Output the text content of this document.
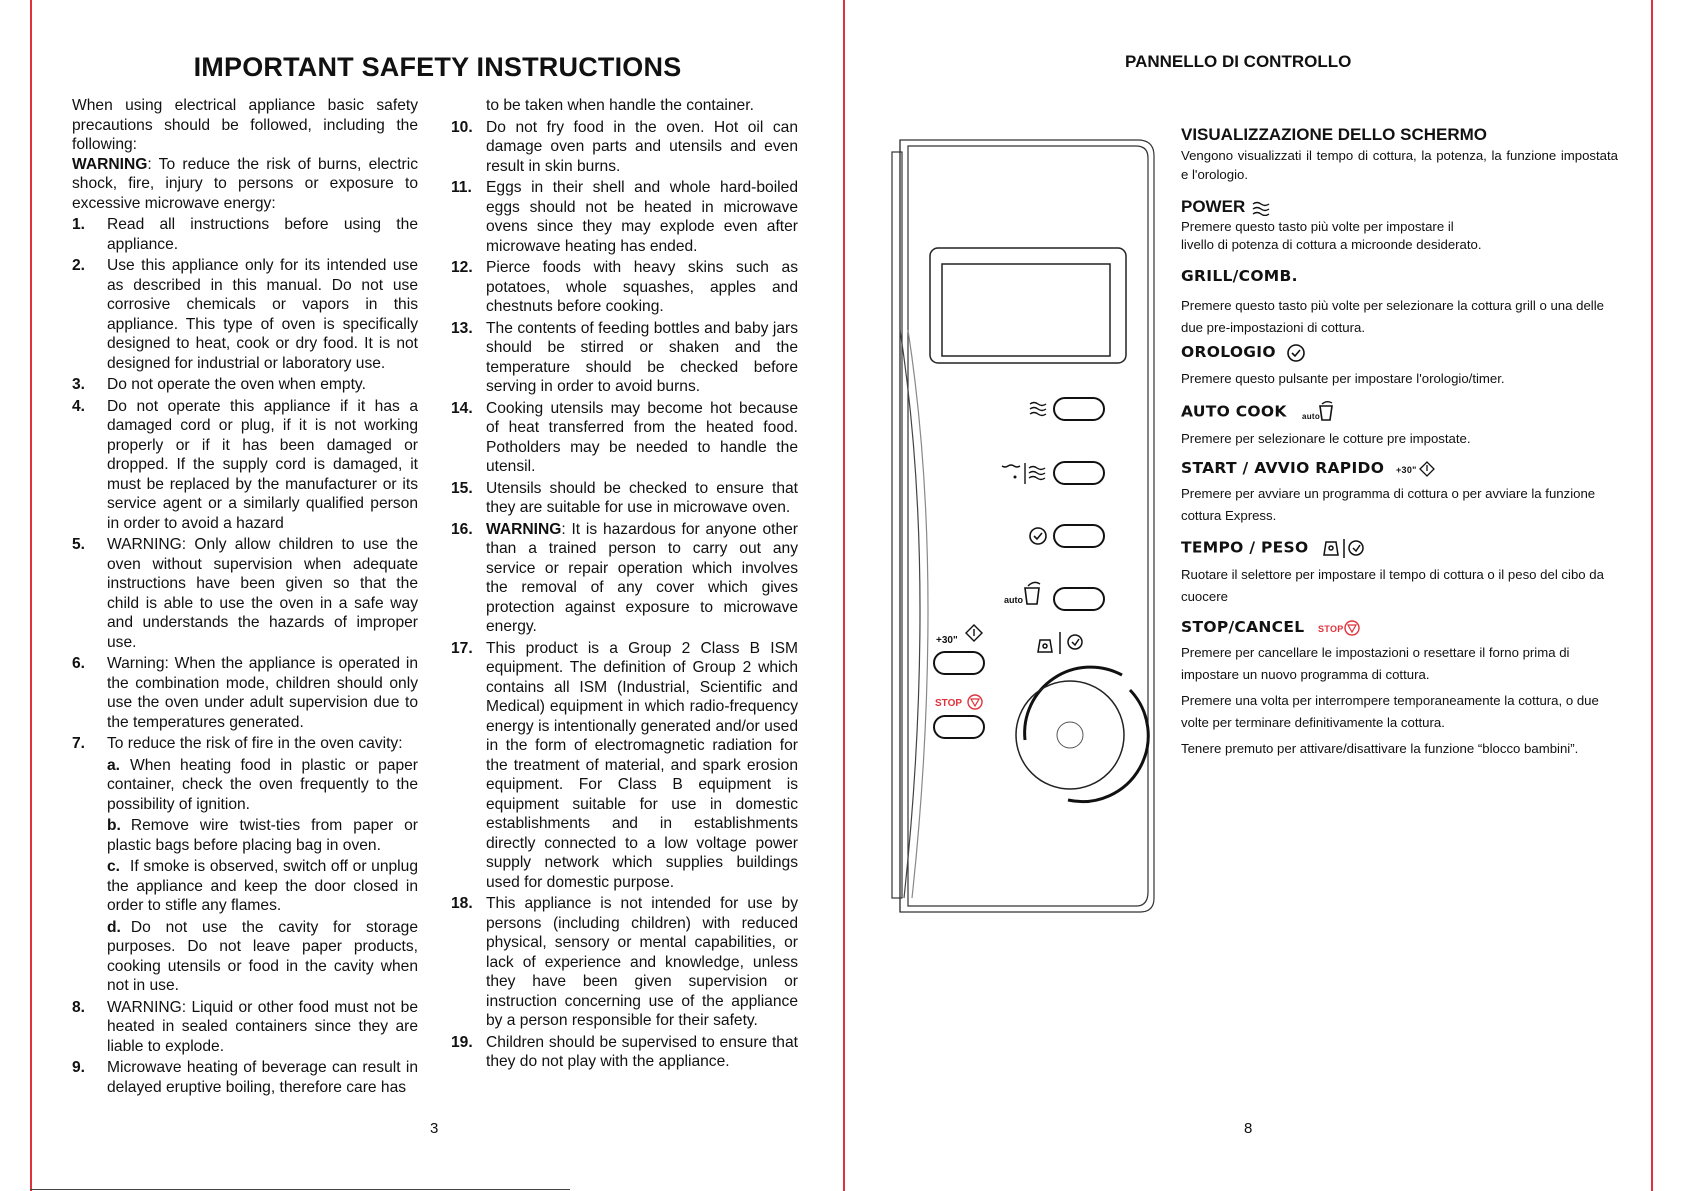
IMPORTANT SAFETY INSTRUCTIONS

When using electrical appliance basic safety precautions should be followed, including the following:

WARNING: To reduce the risk of burns, electric shock, fire, injury to persons or exposure to excessive microwave energy:

1. Read all instructions before using the appliance.
2. Use this appliance only for its intended use as described in this manual. Do not use corrosive chemicals or vapors in this appliance. This type of oven is specifically designed to heat, cook or dry food. It is not designed for industrial or laboratory use.
3. Do not operate the oven when empty.
4. Do not operate this appliance if it has a damaged cord or plug, if it is not working properly or if it has been damaged or dropped. If the supply cord is damaged, it must be replaced by the manufacturer or its service agent or a similarly qualified person in order to avoid a hazard
5. WARNING: Only allow children to use the oven without supervision when adequate instructions have been given so that the child is able to use the oven in a safe way and understands the hazards of improper use.
6. Warning: When the appliance is operated in the combination mode, children should only use the oven under adult supervision due to the temperatures generated.
7. To reduce the risk of fire in the oven cavity:
a. When heating food in plastic or paper container, check the oven frequently to the possibility of ignition.
b. Remove wire twist-ties from paper or plastic bags before placing bag in oven.
c. If smoke is observed, switch off or unplug the appliance and keep the door closed in order to stifle any flames.
d. Do not use the cavity for storage purposes. Do not leave paper products, cooking utensils or food in the cavity when not in use.
8. WARNING: Liquid or other food must not be heated in sealed containers since they are liable to explode.
9. Microwave heating of beverage can result in delayed eruptive boiling, therefore care has

to be taken when handle the container.

10. Do not fry food in the oven. Hot oil can damage oven parts and utensils and even result in skin burns.
11. Eggs in their shell and whole hard-boiled eggs should not be heated in microwave ovens since they may explode even after microwave heating has ended.
12. Pierce foods with heavy skins such as potatoes, whole squashes, apples and chestnuts before cooking.
13. The contents of feeding bottles and baby jars should be stirred or shaken and the temperature should be checked before serving in order to avoid burns.
14. Cooking utensils may become hot because of heat transferred from the heated food. Potholders may be needed to handle the utensil.
15. Utensils should be checked to ensure that they are suitable for use in microwave oven.
16. WARNING: It is hazardous for anyone other than a trained person to carry out any service or repair operation which involves the removal of any cover which gives protection against exposure to microwave energy.
17. This product is a Group 2 Class B ISM equipment. The definition of Group 2 which contains all ISM (Industrial, Scientific and Medical) equipment in which radio-frequency energy is intentionally generated and/or used in the form of electromagnetic radiation for the treatment of material, and spark erosion equipment. For Class B equipment is equipment suitable for use in domestic establishments and in establishments directly connected to a low voltage power supply network which supplies buildings used for domestic purpose.
18. This appliance is not intended for use by persons (including children) with reduced physical, sensory or mental capabilities, or lack of experience and knowledge, unless they have been given supervision or instruction concerning use of the appliance by a person responsible for their safety.
19. Children should be supervised to ensure that they do not play with the appliance.
3
PANNELLO DI CONTROLLO
auto
+30"
STOP
VISUALIZZAZIONE DELLO SCHERMO

Vengono visualizzati il tempo di cottura, la potenza, la funzione impostata e l'orologio.

POWER
Premere questo tasto più volte per impostare il
livello di potenza di cottura a microonde desiderato.
GRILL/COMB.

Premere questo tasto più volte per selezionare la cottura grill o una delle due pre-impostazioni di cottura.

OROLOGIO

Premere questo pulsante per impostare l'orologio/timer.

AUTO COOK auto

Premere per selezionare le cotture pre impostate.

START / AVVIO RAPIDO +30"

Premere per avviare un programma di cottura o per avviare la funzione cottura Express.

TEMPO / PESO

Ruotare il selettore per impostare il tempo di cottura o il peso del cibo da cuocere

STOP/CANCEL STOP

Premere per cancellare le impostazioni o resettare il forno prima di impostare un nuovo programma di cottura.

Premere una volta per interrompere temporaneamente la cottura, o due volte per terminare definitivamente la cottura.

Tenere premuto per attivare/disattivare la funzione “blocco bambini”.

8
